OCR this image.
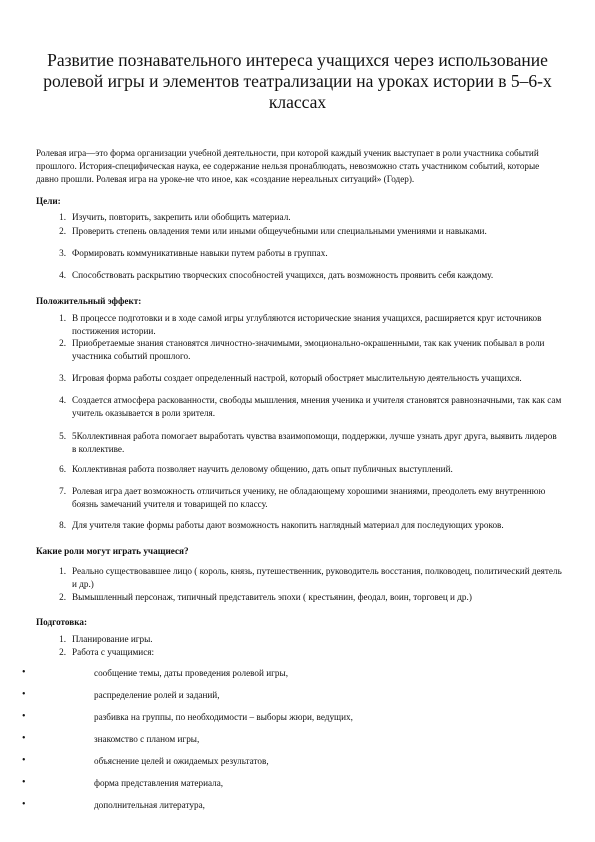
Развитие познавательного интереса учащихся через использование ролевой игры и элементов театрализации на уроках истории в 5–6-х классах

Ролевая игра—это форма организации учебной деятельности, при которой каждый ученик выступает в роли участника событий прошлого. История-специфическая наука, ее содержание нельзя пронаблюдать, невозможно стать участником событий, которые давно прошли. Ролевая игра на уроке-не что иное, как «создание нереальных ситуаций» (Годер).

Цели:

1. Изучить, повторить, закрепить или обобщить материал.
2. Проверить степень овладения теми или иными общеучебными или специальными умениями и навыками.
3. Формировать коммуникативные навыки путем работы в группах.
4. Способствовать раскрытию творческих способностей учащихся, дать возможность проявить себя каждому.

Положительный эффект:

1. В процессе подготовки и в ходе самой игры углубляются исторические знания учащихся, расширяется круг источников постижения истории.
2. Приобретаемые знания становятся личностно-значимыми, эмоционально-окрашенными, так как ученик побывал в роли участника событий прошлого.
3. Игровая форма работы создает определенный настрой, который обостряет мыслительную деятельность учащихся.
4. Создается атмосфера раскованности, свободы мышления, мнения ученика и учителя становятся равнозначными, так как сам учитель оказывается в роли зрителя.
5. 5Коллективная работа помогает выработать чувства взаимопомощи, поддержки, лучше узнать друг друга, выявить лидеров в коллективе.
6. Коллективная работа позволяет научить деловому общению, дать опыт публичных выступлений.
7. Ролевая игра дает возможность отличиться ученику, не обладающему хорошими знаниями, преодолеть ему внутреннюю боязнь замечаний учителя и товарищей по классу.
8. Для учителя такие формы работы дают возможность накопить наглядный материал для последующих уроков.

Какие роли могут играть учащиеся?

1. Реально существовавшее лицо ( король, князь, путешественник, руководитель восстания, полководец, политический деятель и др.)
2. Вымышленный персонаж, типичный представитель эпохи ( крестьянин, феодал, воин, торговец и др.)

Подготовка:

1. Планирование игры.
2. Работа с учащимися:
•	сообщение темы, даты проведения ролевой игры,
•	распределение ролей и заданий,
•	разбивка на группы, по необходимости – выборы жюри, ведущих,
•	знакомство с планом игры,
•	объяснение целей и ожидаемых результатов,
•	форма представления материала,
•	дополнительная литература,
